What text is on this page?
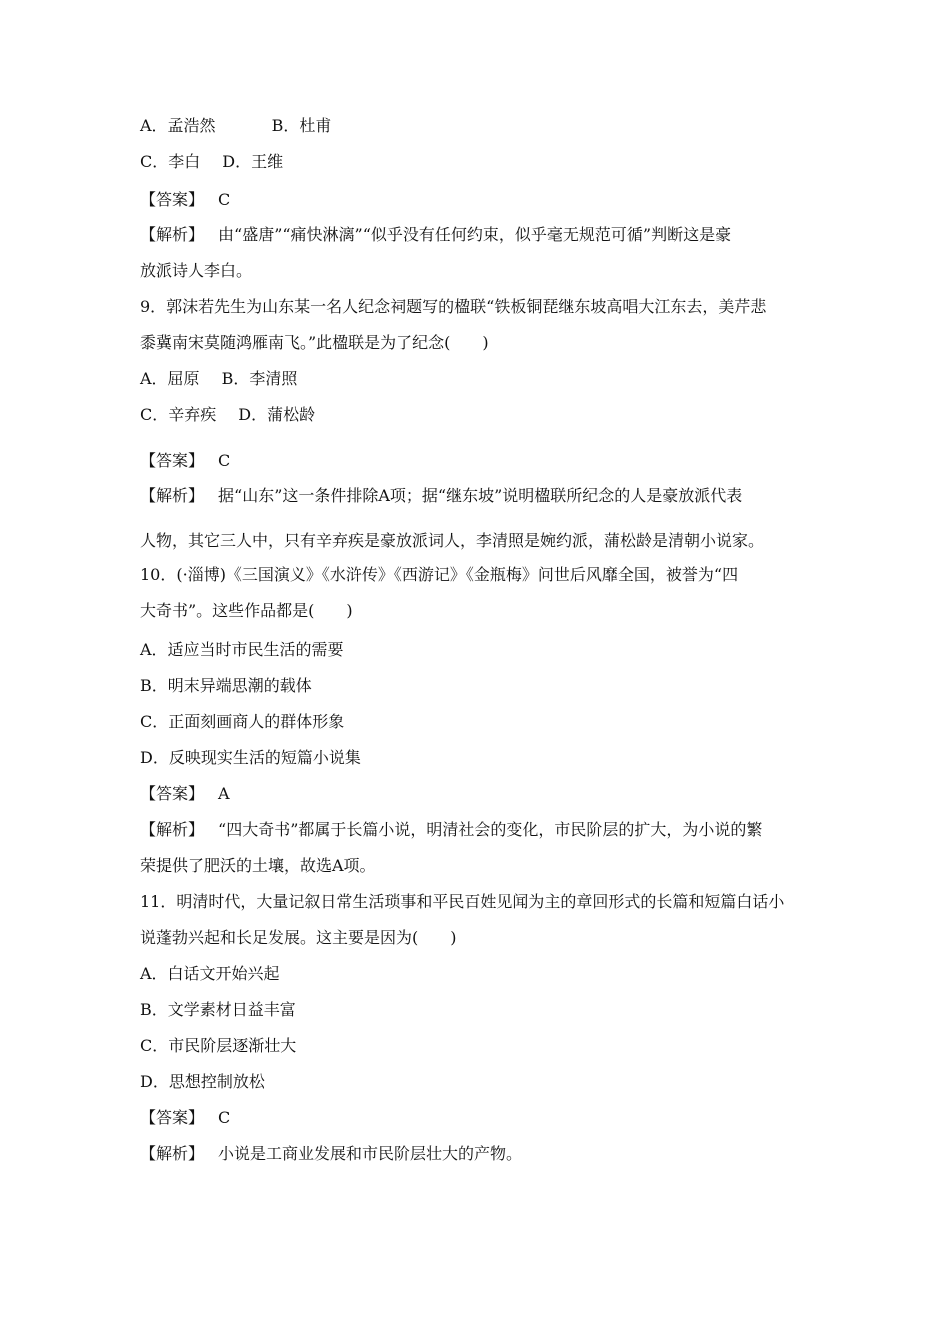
A．孟浩然	B．杜甫
C．李白 D．王维
【答案】 C
【解析】 由“盛唐”“痛快淋漓”“似乎没有任何约束，似乎毫无规范可循”判断这是豪
放派诗人李白。
9．郭沫若先生为山东某一名人纪念祠题写的楹联“铁板铜琵继东坡高唱大江东去，美芹悲
黍冀南宋莫随鸿雁南飞。”此楹联是为了纪念(　　)
A．屈原 B．李清照
C．辛弃疾 D．蒲松龄
【答案】 C
【解析】 据“山东”这一条件排除A项；据“继东坡”说明楹联所纪念的人是豪放派代表
人物，其它三人中，只有辛弃疾是豪放派词人，李清照是婉约派，蒲松龄是清朝小说家。
10．(·淄博)《三国演义》《水浒传》《西游记》《金瓶梅》问世后风靡全国，被誉为“四
大奇书”。这些作品都是(　　)
A．适应当时市民生活的需要
B．明末异端思潮的载体
C．正面刻画商人的群体形象
D．反映现实生活的短篇小说集
【答案】 A
【解析】 “四大奇书”都属于长篇小说，明清社会的变化，市民阶层的扩大，为小说的繁
荣提供了肥沃的土壤，故选A项。
11．明清时代，大量记叙日常生活琐事和平民百姓见闻为主的章回形式的长篇和短篇白话小
说蓬勃兴起和长足发展。这主要是因为(　　)
A．白话文开始兴起
B．文学素材日益丰富
C．市民阶层逐渐壮大
D．思想控制放松
【答案】 C
【解析】 小说是工商业发展和市民阶层壮大的产物。
